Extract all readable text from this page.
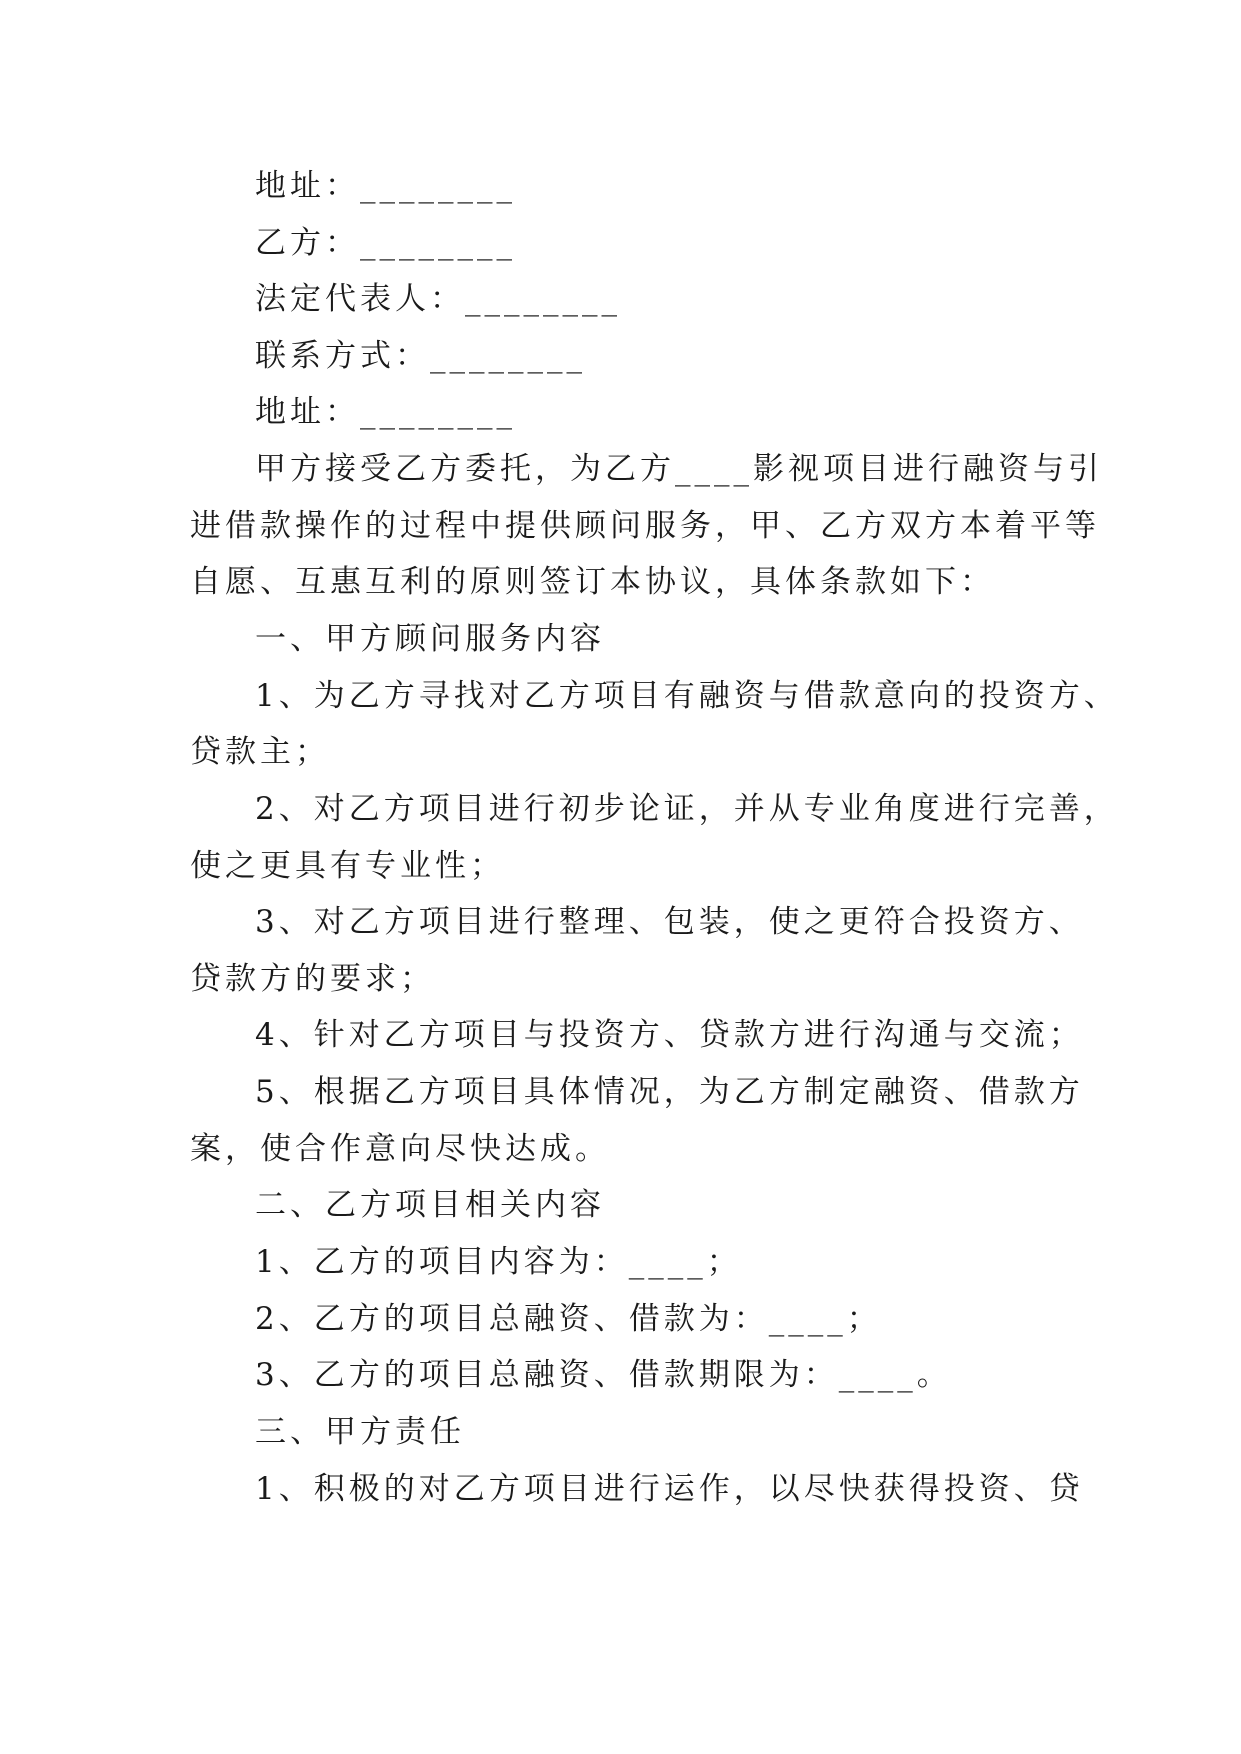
地址：________
乙方：________
法定代表人：________
联系方式：________
地址：________
甲方接受乙方委托，为乙方____影视项目进行融资与引
进借款操作的过程中提供顾问服务，甲、乙方双方本着平等
自愿、互惠互利的原则签订本协议，具体条款如下：
一、甲方顾问服务内容
1、为乙方寻找对乙方项目有融资与借款意向的投资方、
贷款主；
2、对乙方项目进行初步论证，并从专业角度进行完善，
使之更具有专业性；
3、对乙方项目进行整理、包装，使之更符合投资方、
贷款方的要求；
4、针对乙方项目与投资方、贷款方进行沟通与交流；
5、根据乙方项目具体情况，为乙方制定融资、借款方
案，使合作意向尽快达成。
二、乙方项目相关内容
1、乙方的项目内容为：____；
2、乙方的项目总融资、借款为：____；
3、乙方的项目总融资、借款期限为：____。
三、甲方责任
1、积极的对乙方项目进行运作，以尽快获得投资、贷
